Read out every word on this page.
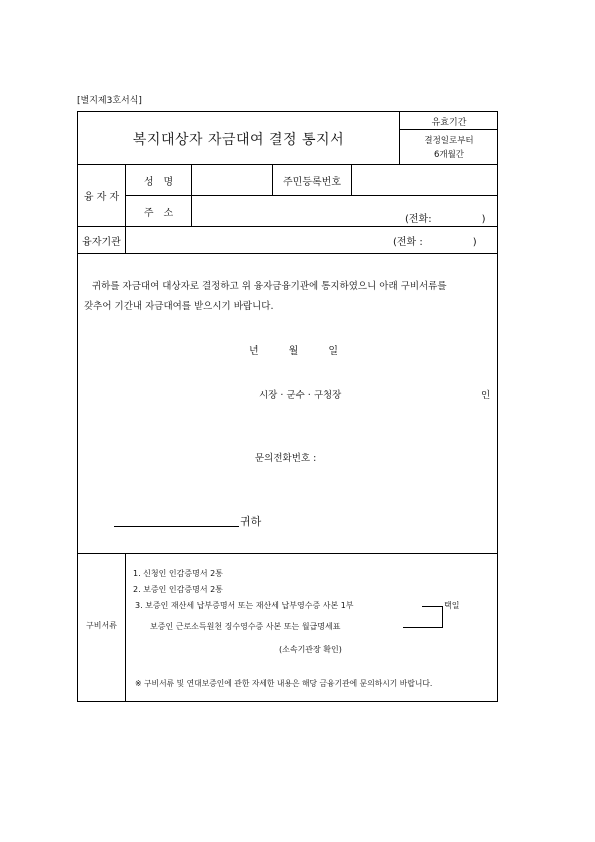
[별지제3호서식]
복지대상자 자금대여 결정 통지서
유효기간
결정일로부터
6개월간
융 자 자
성　명	주민등록번호
주　소
(전화:　　　　　)
융자기관	(전화 :　　　　　)
귀하를 자금대여 대상자로 결정하고 위 융자금융기관에 통지하였으니 아래 구비서류를
갖추어 기간내 자금대여를 받으시기 바랍니다.
년　　　월　　　일
시장 · 군수 · 구청장	인
문의전화번호 :
귀하
구비서류
1. 신청인 인감증명서 2통
2. 보증인 인감증명서 2통
3. 보증인 재산세 납부증명서 또는 재산세 납부영수증 사본 1부
보증인 근로소득원천 징수영수증 사본 또는 월급명세표
택일
(소속기관장 확인)
※ 구비서류 및 연대보증인에 관한 자세한 내용은 해당 금융기관에 문의하시기 바랍니다.
